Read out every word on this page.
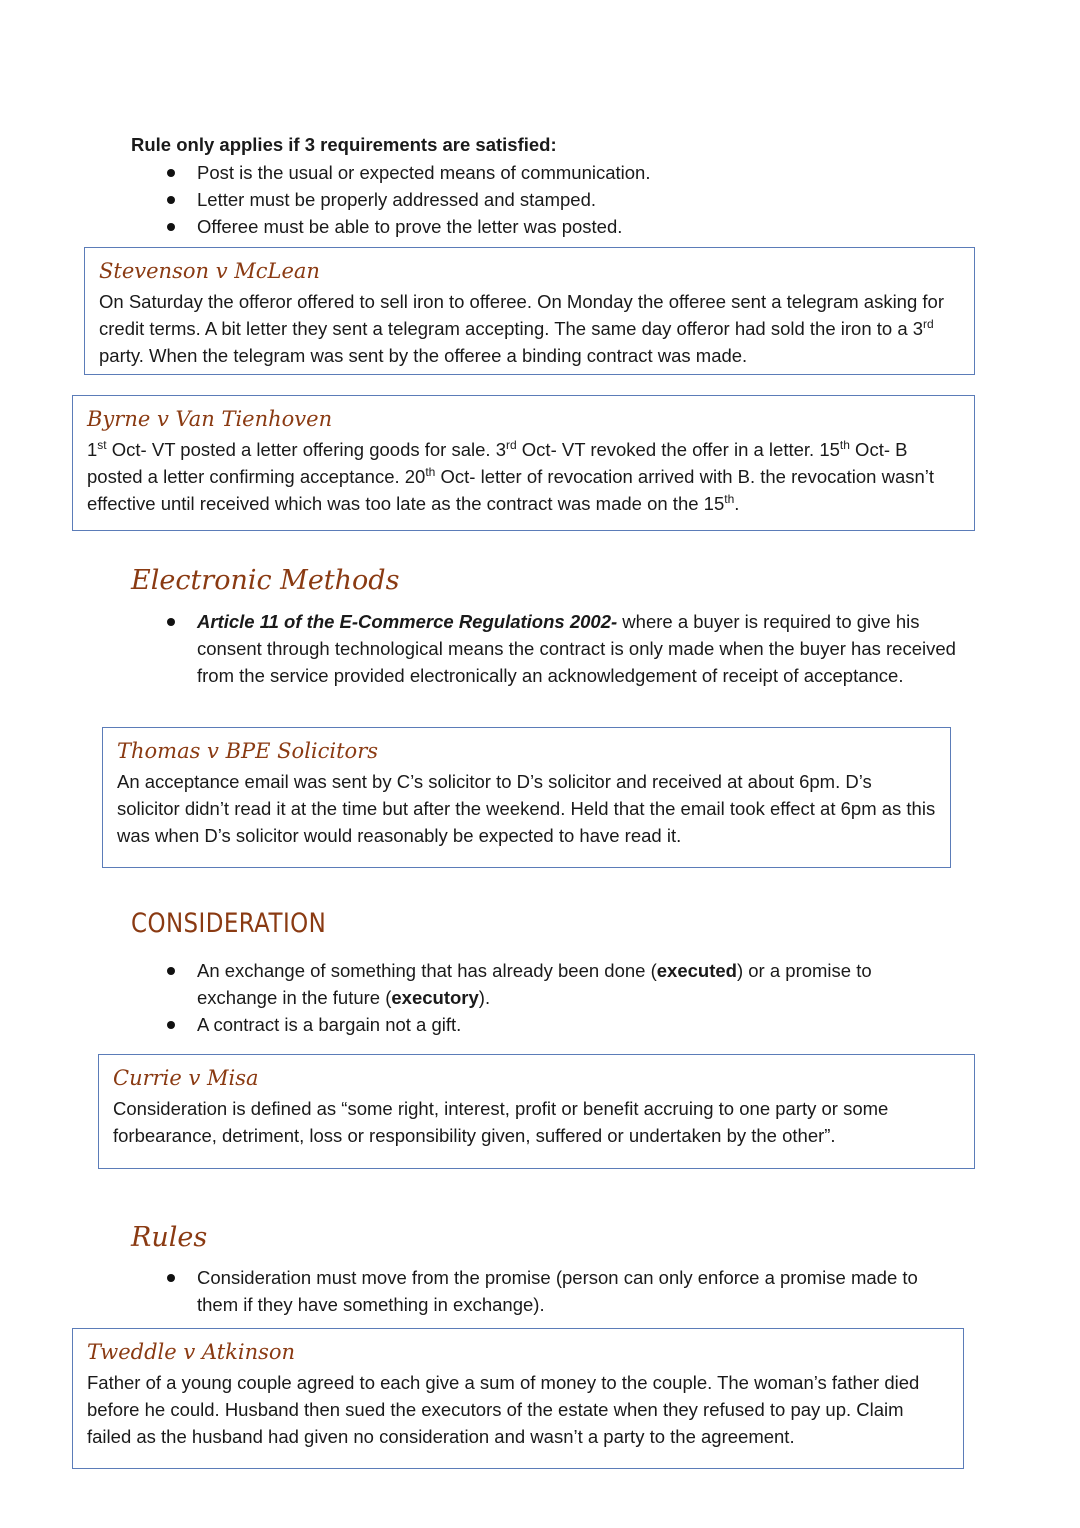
Rule only applies if 3 requirements are satisfied:
Post is the usual or expected means of communication.
Letter must be properly addressed and stamped.
Offeree must be able to prove the letter was posted.
Stevenson v McLean
On Saturday the offeror offered to sell iron to offeree. On Monday the offeree sent a telegram asking for credit terms. A bit letter they sent a telegram accepting. The same day offeror had sold the iron to a 3rd party. When the telegram was sent by the offeree a binding contract was made.
Byrne v Van Tienhoven
1st Oct- VT posted a letter offering goods for sale. 3rd Oct- VT revoked the offer in a letter. 15th Oct- B posted a letter confirming acceptance. 20th Oct- letter of revocation arrived with B. the revocation wasn’t effective until received which was too late as the contract was made on the 15th.
Electronic Methods
Article 11 of the E-Commerce Regulations 2002- where a buyer is required to give his consent through technological means the contract is only made when the buyer has received from the service provided electronically an acknowledgement of receipt of acceptance.
Thomas v BPE Solicitors
An acceptance email was sent by C’s solicitor to D’s solicitor and received at about 6pm. D’s solicitor didn’t read it at the time but after the weekend. Held that the email took effect at 6pm as this was when D’s solicitor would reasonably be expected to have read it.
CONSIDERATION
An exchange of something that has already been done (executed) or a promise to exchange in the future (executory).
A contract is a bargain not a gift.
Currie v Misa
Consideration is defined as “some right, interest, profit or benefit accruing to one party or some forbearance, detriment, loss or responsibility given, suffered or undertaken by the other”.
Rules
Consideration must move from the promise (person can only enforce a promise made to them if they have something in exchange).
Tweddle v Atkinson
Father of a young couple agreed to each give a sum of money to the couple. The woman’s father died before he could. Husband then sued the executors of the estate when they refused to pay up. Claim failed as the husband had given no consideration and wasn’t a party to the agreement.
